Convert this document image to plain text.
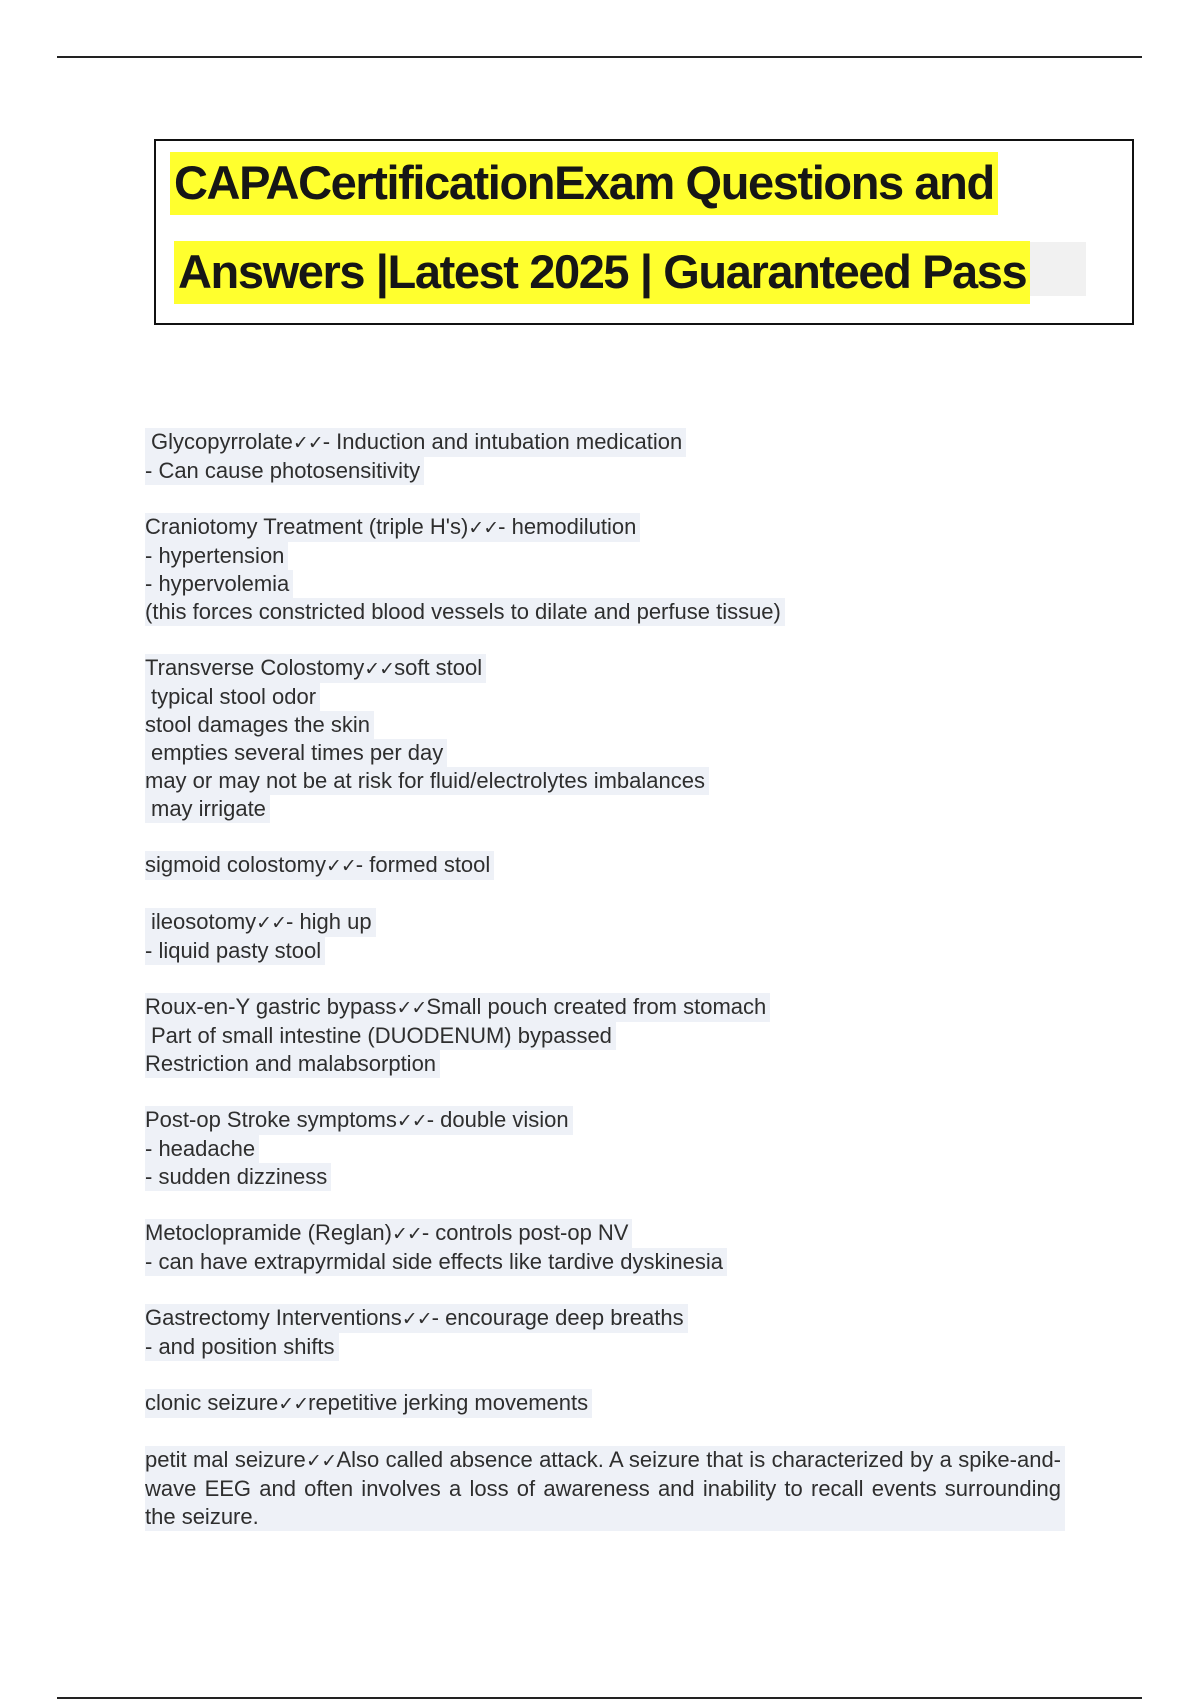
CAPACertificationExam Questions and
Answers |Latest 2025 | Guaranteed Pass
Glycopyrrolate✓✓- Induction and intubation medication
- Can cause photosensitivity
Craniotomy Treatment (triple H's)✓✓- hemodilution
- hypertension
- hypervolemia
(this forces constricted blood vessels to dilate and perfuse tissue)
Transverse Colostomy✓✓soft stool
typical stool odor
stool damages the skin
empties several times per day
may or may not be at risk for fluid/electrolytes imbalances
may irrigate
sigmoid colostomy✓✓- formed stool
ileosotomy✓✓- high up
- liquid pasty stool
Roux-en-Y gastric bypass✓✓Small pouch created from stomach
Part of small intestine (DUODENUM) bypassed
Restriction and malabsorption
Post-op Stroke symptoms✓✓- double vision
- headache
- sudden dizziness
Metoclopramide (Reglan)✓✓- controls post-op NV
- can have extrapyrmidal side effects like tardive dyskinesia
Gastrectomy Interventions✓✓- encourage deep breaths
- and position shifts
clonic seizure✓✓repetitive jerking movements
petit mal seizure✓✓Also called absence attack. A seizure that is characterized by a spike-and-wave EEG and often involves a loss of awareness and inability to recall events surrounding the seizure.
